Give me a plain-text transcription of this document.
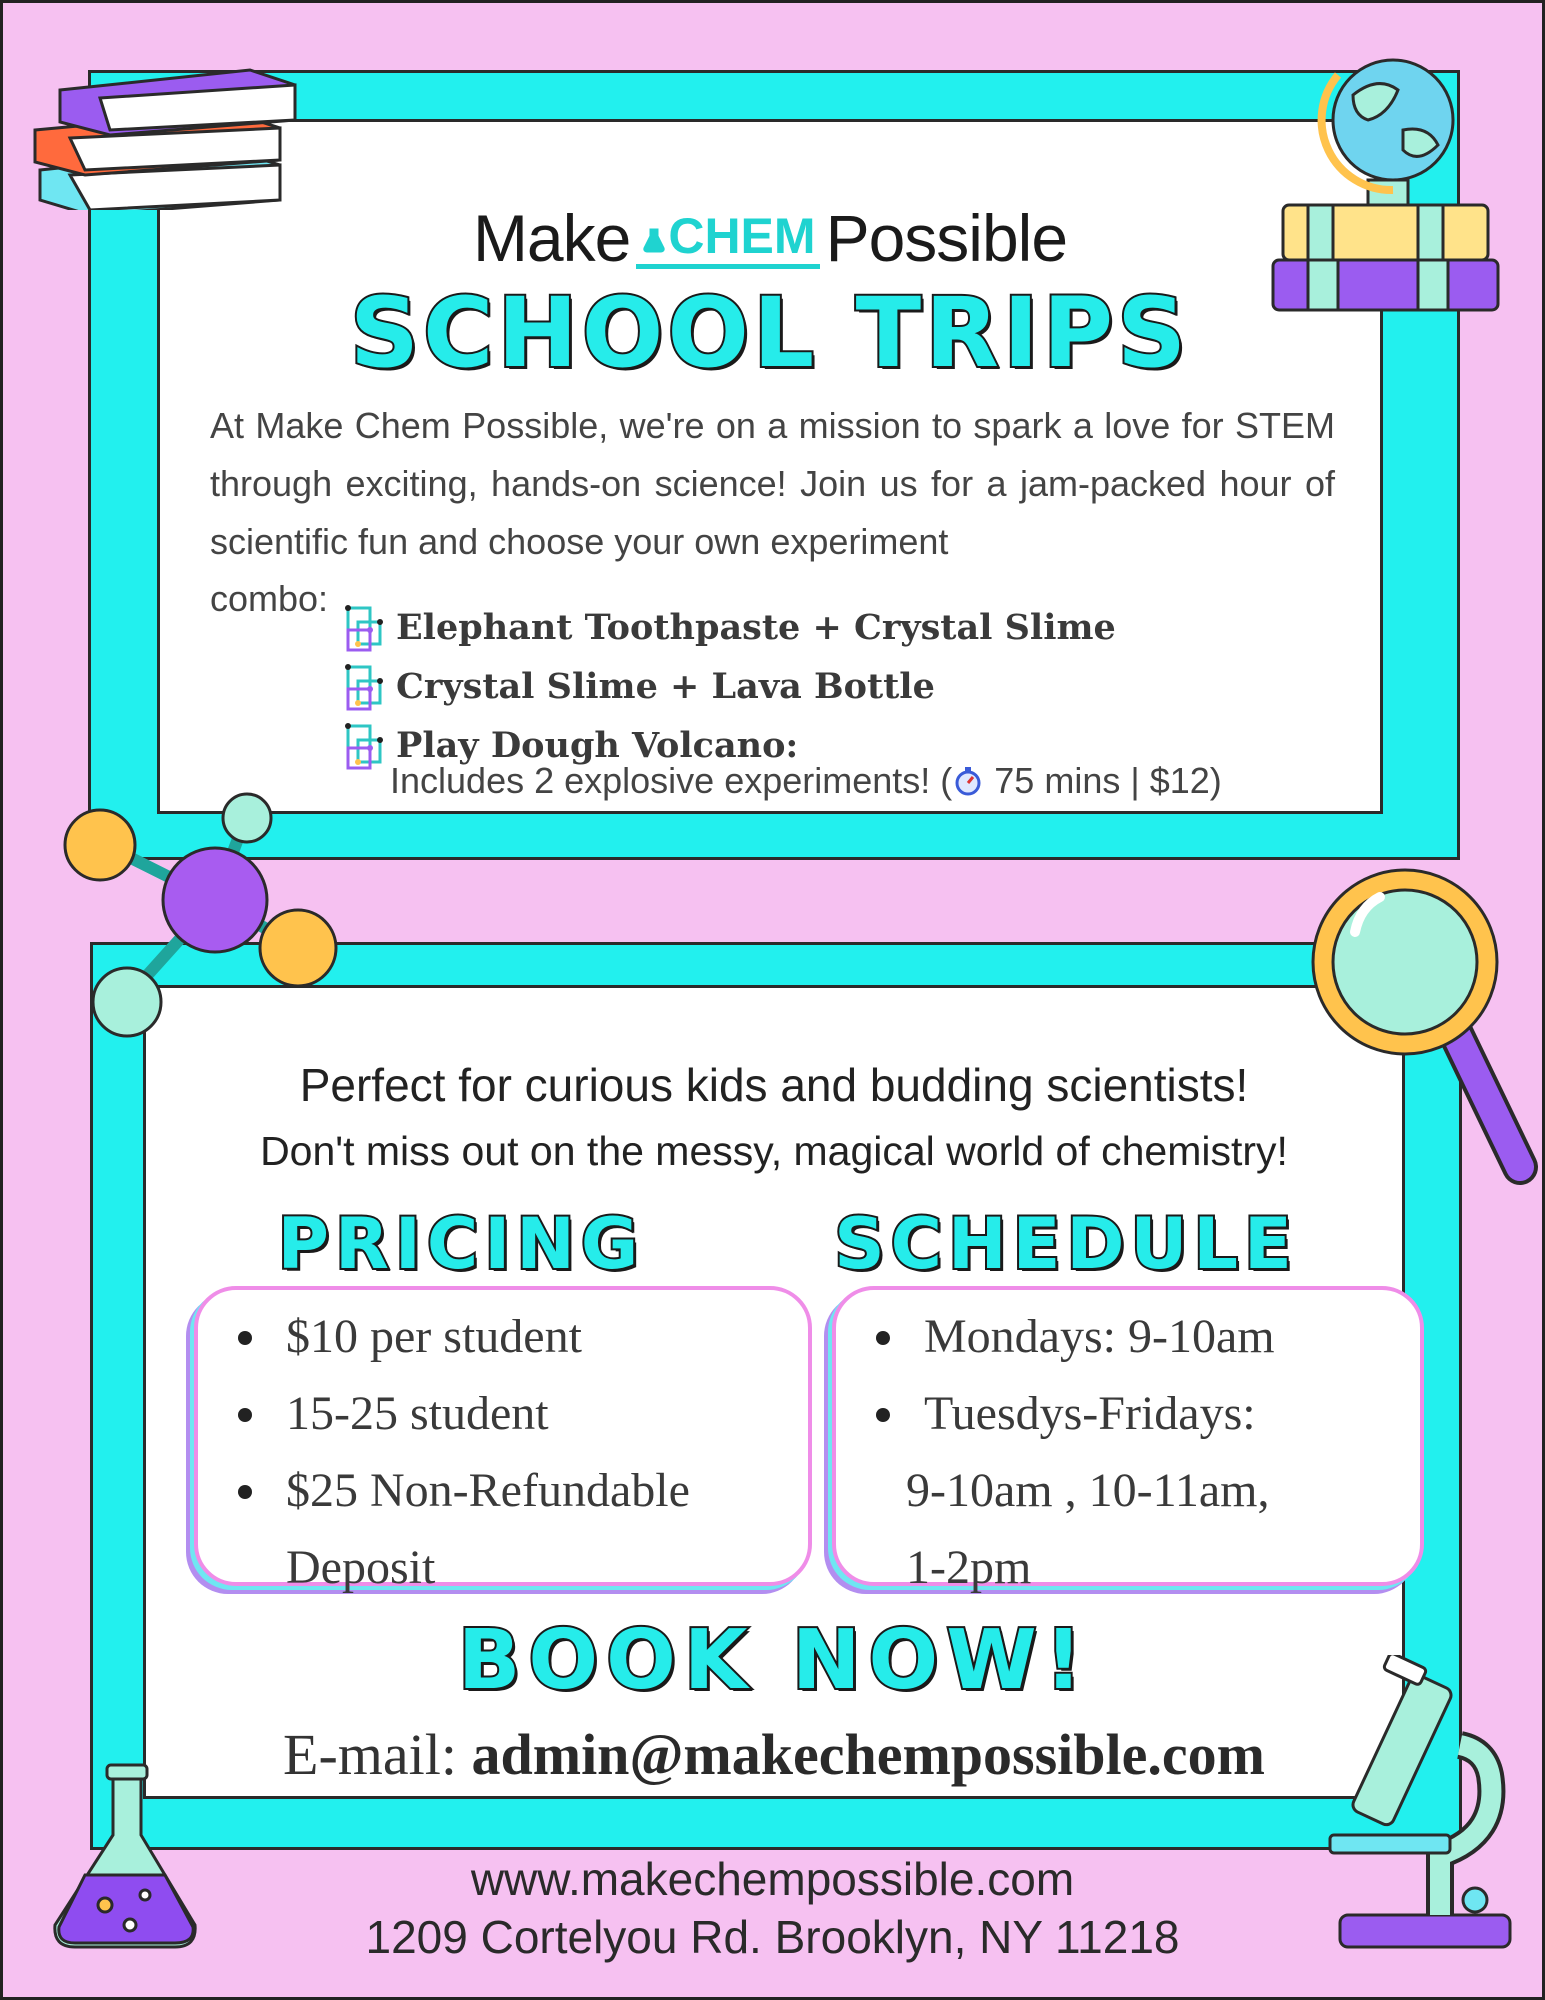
Make CHEM Possible
SCHOOL TRIPS

At Make Chem Possible, we're on a mission to spark a love for STEM through exciting, hands-on science! Join us for a jam-packed hour of scientific fun and choose your own experiment

combo:
Elephant Toothpaste + Crystal Slime
Crystal Slime + Lava Bottle
Play Dough Volcano:
Includes 2 explosive experiments! ( 75 mins | $12)
Perfect for curious kids and budding scientists!
Don't miss out on the messy, magical world of chemistry!
PRICING	SCHEDULE
$10 per student
15-25 student
$25 Non-Refundable
Deposit
Mondays: 9-10am
Tuesdys-Fridays:
9-10am , 10-11am,
1-2pm
BOOK NOW!
E-mail: admin@makechempossible.com
www.makechempossible.com
1209 Cortelyou Rd. Brooklyn, NY 11218
